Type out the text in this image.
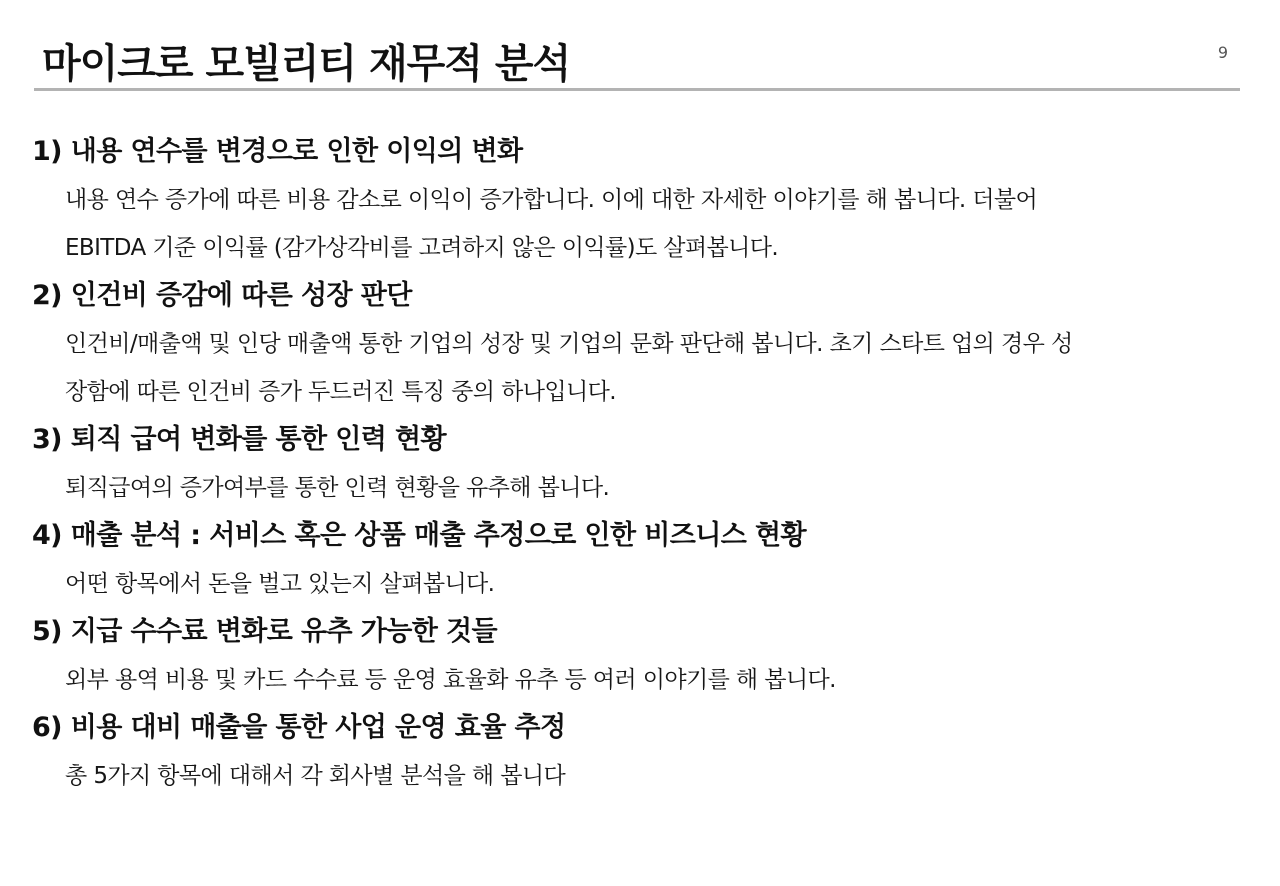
마이크로 모빌리티 재무적 분석	9
1) 내용 연수를 변경으로 인한 이익의 변화
내용 연수 증가에 따른 비용 감소로 이익이 증가합니다. 이에 대한 자세한 이야기를 해 봅니다. 더불어
EBITDA 기준 이익률 (감가상각비를 고려하지 않은 이익률)도 살펴봅니다.
2) 인건비 증감에 따른 성장 판단
인건비/매출액 및 인당 매출액 통한 기업의 성장 및 기업의 문화 판단해 봅니다. 초기 스타트 업의 경우 성
장함에 따른 인건비 증가 두드러진 특징 중의 하나입니다.
3) 퇴직 급여 변화를 통한 인력 현황
퇴직급여의 증가여부를 통한 인력 현황을 유추해 봅니다.
4) 매출 분석 : 서비스 혹은 상품 매출 추정으로 인한 비즈니스 현황
어떤 항목에서 돈을 벌고 있는지 살펴봅니다.
5) 지급 수수료 변화로 유추 가능한 것들
외부 용역 비용 및 카드 수수료 등 운영 효율화 유추 등 여러 이야기를 해 봅니다.
6) 비용 대비 매출을 통한 사업 운영 효율 추정
총 5가지 항목에 대해서 각 회사별 분석을 해 봅니다
